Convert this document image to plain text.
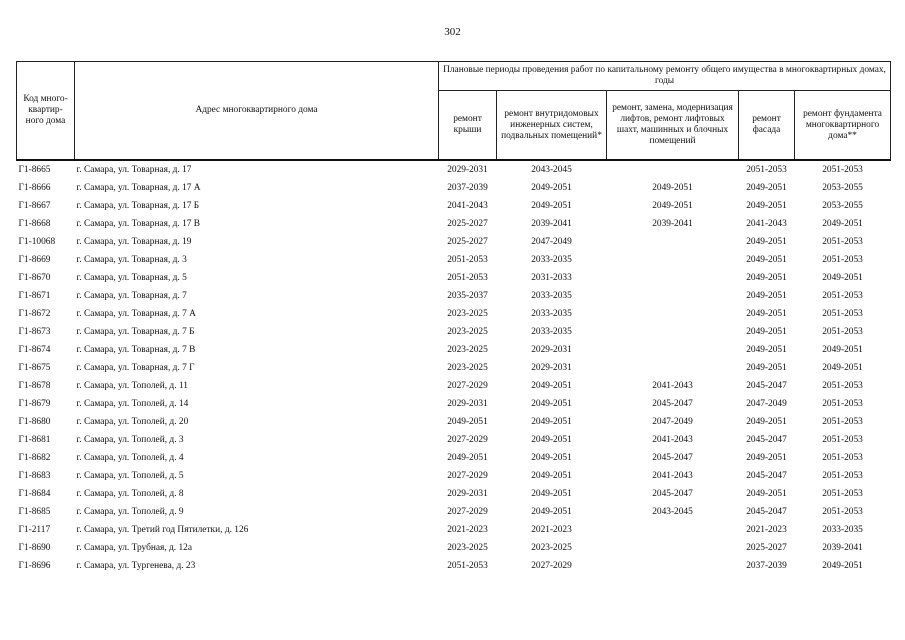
302
Код много-
квартир-
ного дома	Адрес многоквартирного дома	Плановые периоды проведения работ по капитальному ремонту общего имущества в многоквартирных домах, годы				
		ремонт крыши	ремонт внутридомовых инженерных систем, подвальных помещений*	ремонт, замена, модернизация лифтов, ремонт лифтовых шахт, машинных и блочных помещений	ремонт фасада	ремонт фундамента многоквартирного дома**
Г1-8665	г. Самара, ул. Товарная, д. 17	2029-2031	2043-2045		2051-2053	2051-2053
Г1-8666	г. Самара, ул. Товарная, д. 17 А	2037-2039	2049-2051	2049-2051	2049-2051	2053-2055
Г1-8667	г. Самара, ул. Товарная, д. 17 Б	2041-2043	2049-2051	2049-2051	2049-2051	2053-2055
Г1-8668	г. Самара, ул. Товарная, д. 17 В	2025-2027	2039-2041	2039-2041	2041-2043	2049-2051
Г1-10068	г. Самара, ул. Товарная, д. 19	2025-2027	2047-2049		2049-2051	2051-2053
Г1-8669	г. Самара, ул. Товарная, д. 3	2051-2053	2033-2035		2049-2051	2051-2053
Г1-8670	г. Самара, ул. Товарная, д. 5	2051-2053	2031-2033		2049-2051	2049-2051
Г1-8671	г. Самара, ул. Товарная, д. 7	2035-2037	2033-2035		2049-2051	2051-2053
Г1-8672	г. Самара, ул. Товарная, д. 7 А	2023-2025	2033-2035		2049-2051	2051-2053
Г1-8673	г. Самара, ул. Товарная, д. 7 Б	2023-2025	2033-2035		2049-2051	2051-2053
Г1-8674	г. Самара, ул. Товарная, д. 7 В	2023-2025	2029-2031		2049-2051	2049-2051
Г1-8675	г. Самара, ул. Товарная, д. 7 Г	2023-2025	2029-2031		2049-2051	2049-2051
Г1-8678	г. Самара, ул. Тополей, д. 11	2027-2029	2049-2051	2041-2043	2045-2047	2051-2053
Г1-8679	г. Самара, ул. Тополей, д. 14	2029-2031	2049-2051	2045-2047	2047-2049	2051-2053
Г1-8680	г. Самара, ул. Тополей, д. 20	2049-2051	2049-2051	2047-2049	2049-2051	2051-2053
Г1-8681	г. Самара, ул. Тополей, д. 3	2027-2029	2049-2051	2041-2043	2045-2047	2051-2053
Г1-8682	г. Самара, ул. Тополей, д. 4	2049-2051	2049-2051	2045-2047	2049-2051	2051-2053
Г1-8683	г. Самара, ул. Тополей, д. 5	2027-2029	2049-2051	2041-2043	2045-2047	2051-2053
Г1-8684	г. Самара, ул. Тополей, д. 8	2029-2031	2049-2051	2045-2047	2049-2051	2051-2053
Г1-8685	г. Самара, ул. Тополей, д. 9	2027-2029	2049-2051	2043-2045	2045-2047	2051-2053
Г1-2117	г. Самара, ул. Третий год Пятилетки, д. 126	2021-2023	2021-2023		2021-2023	2033-2035
Г1-8690	г. Самара, ул. Трубная, д. 12а	2023-2025	2023-2025		2025-2027	2039-2041
Г1-8696	г. Самара, ул. Тургенева, д. 23	2051-2053	2027-2029		2037-2039	2049-2051
